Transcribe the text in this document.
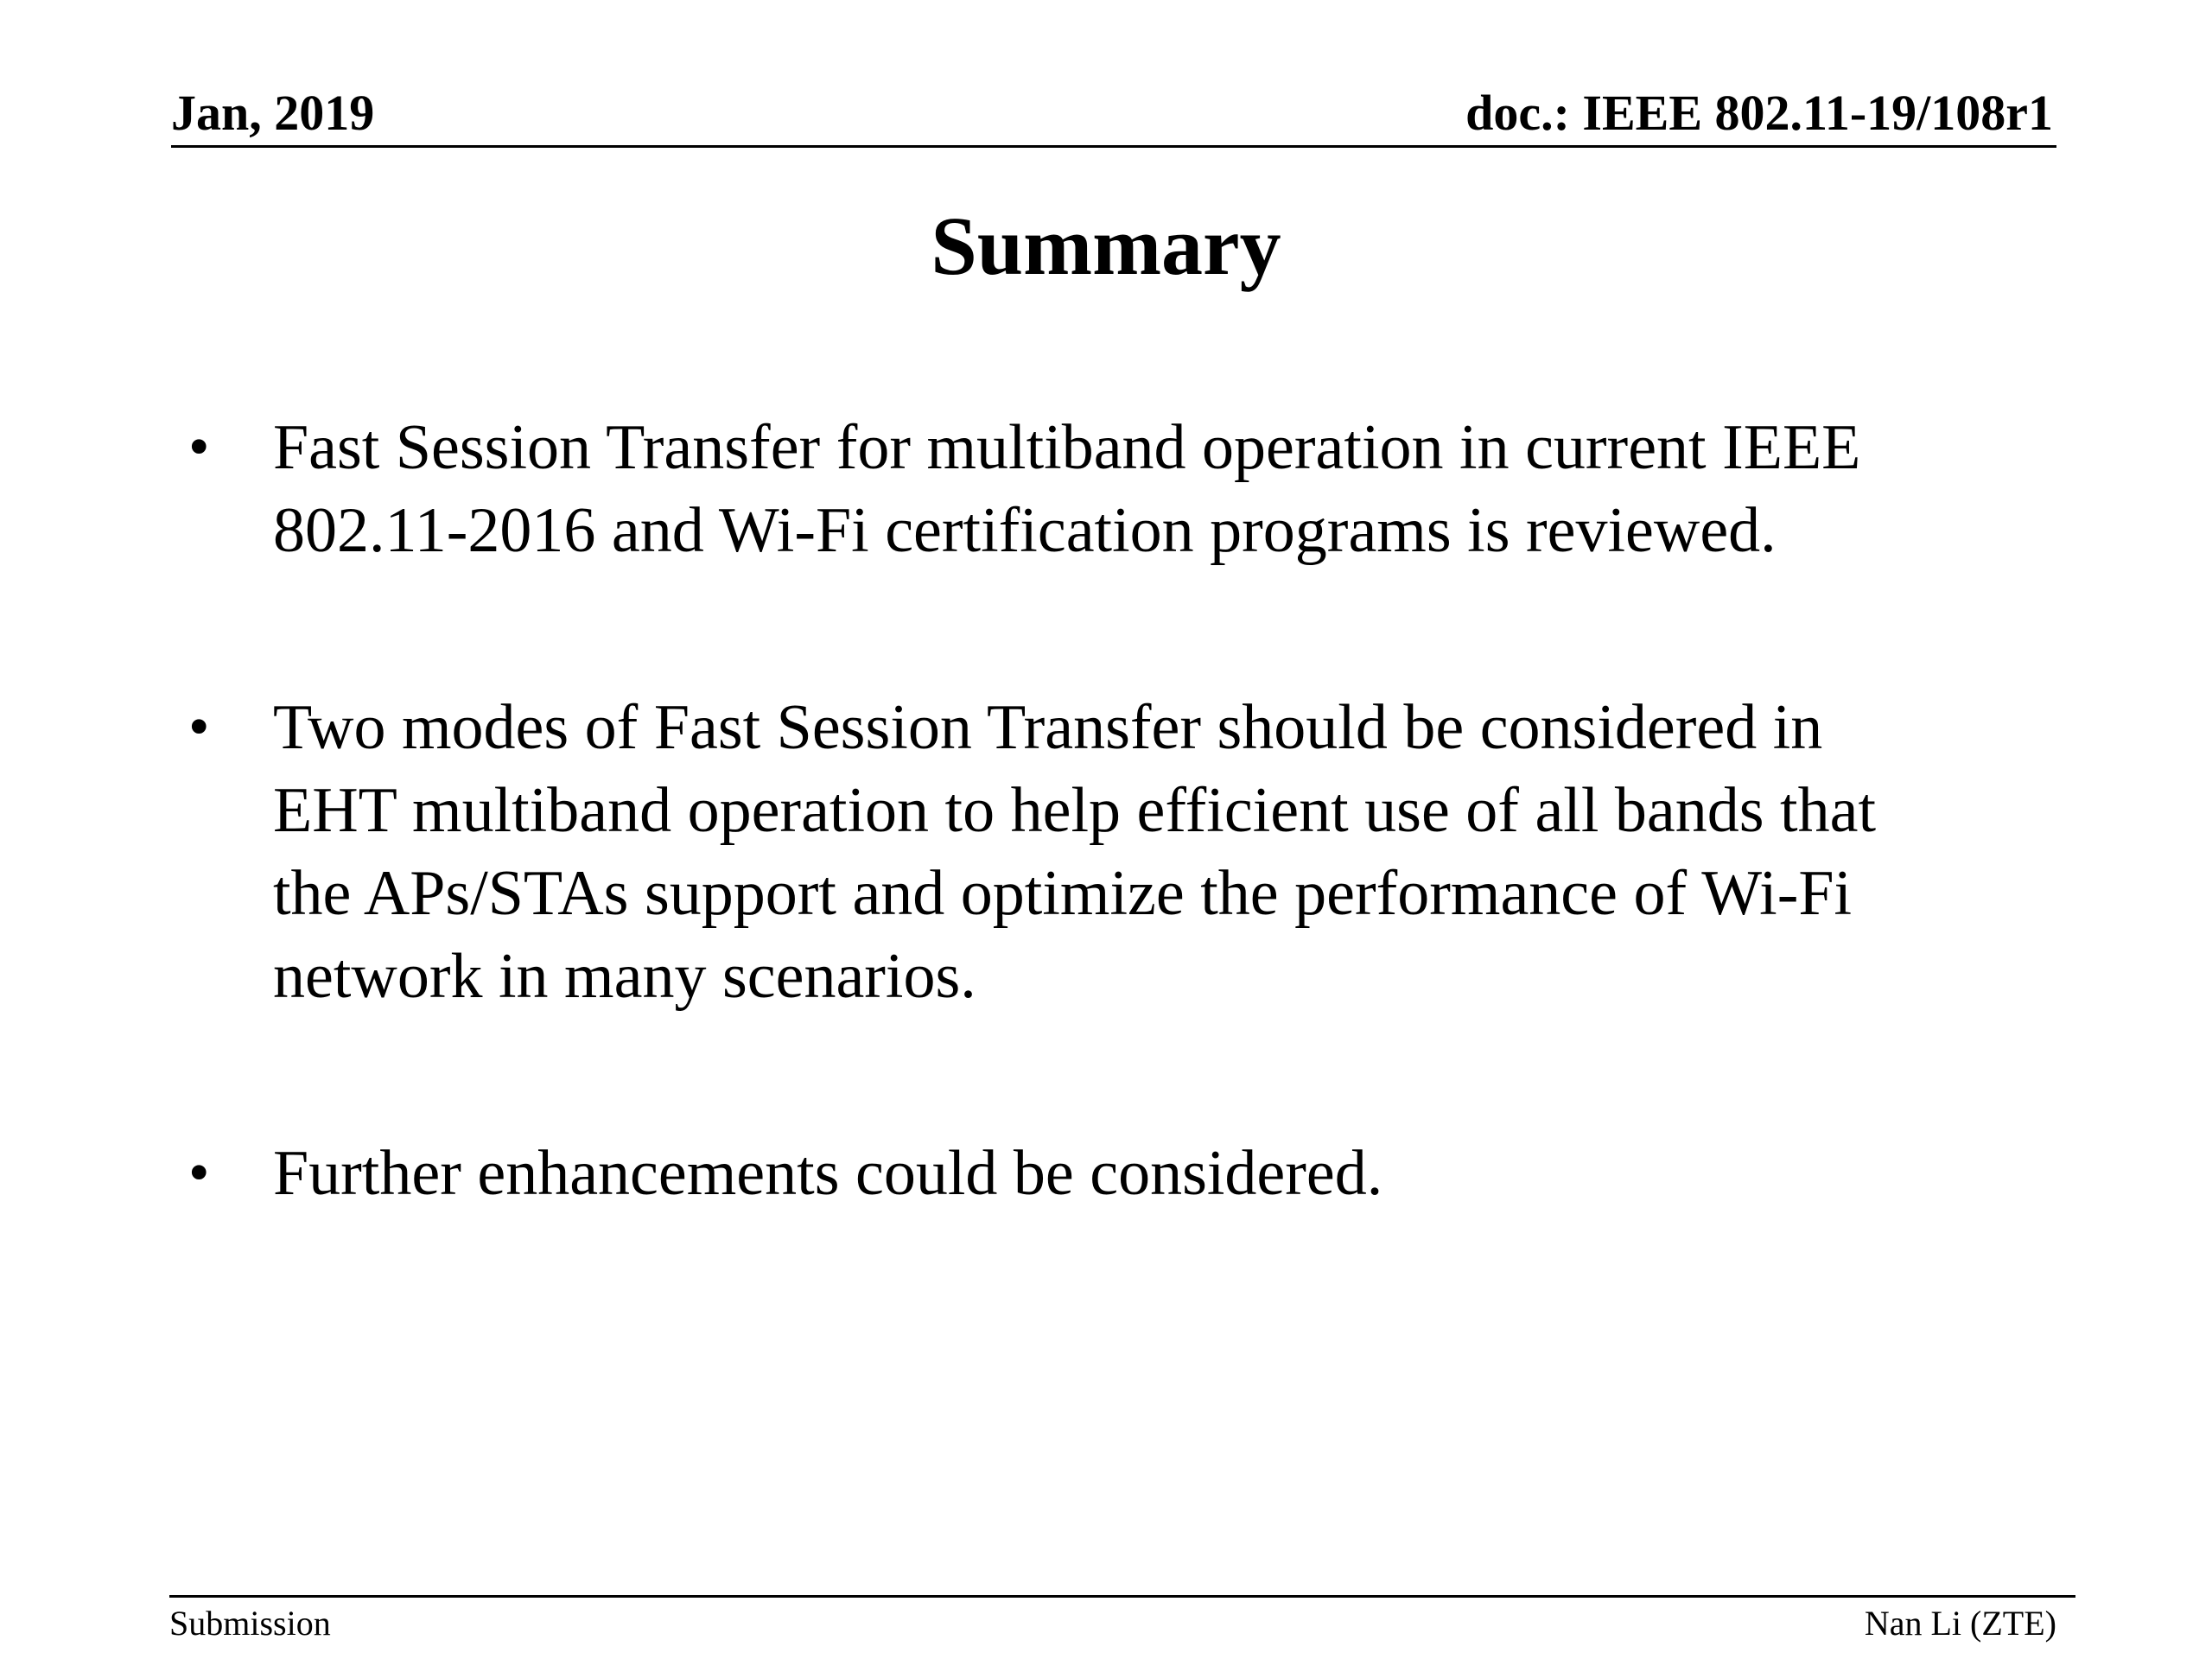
Jan, 2019	doc.: IEEE 802.11-19/108r1
Summary
• Fast Session Transfer for multiband operation in current IEEE
802.11-2016 and Wi-Fi certification programs is reviewed.
• Two modes of Fast Session Transfer should be considered in
EHT multiband operation to help efficient use of all bands that
the APs/STAs support and optimize the performance of Wi-Fi
network in many scenarios.
• Further enhancements could be considered.
Submission	Nan Li (ZTE)
